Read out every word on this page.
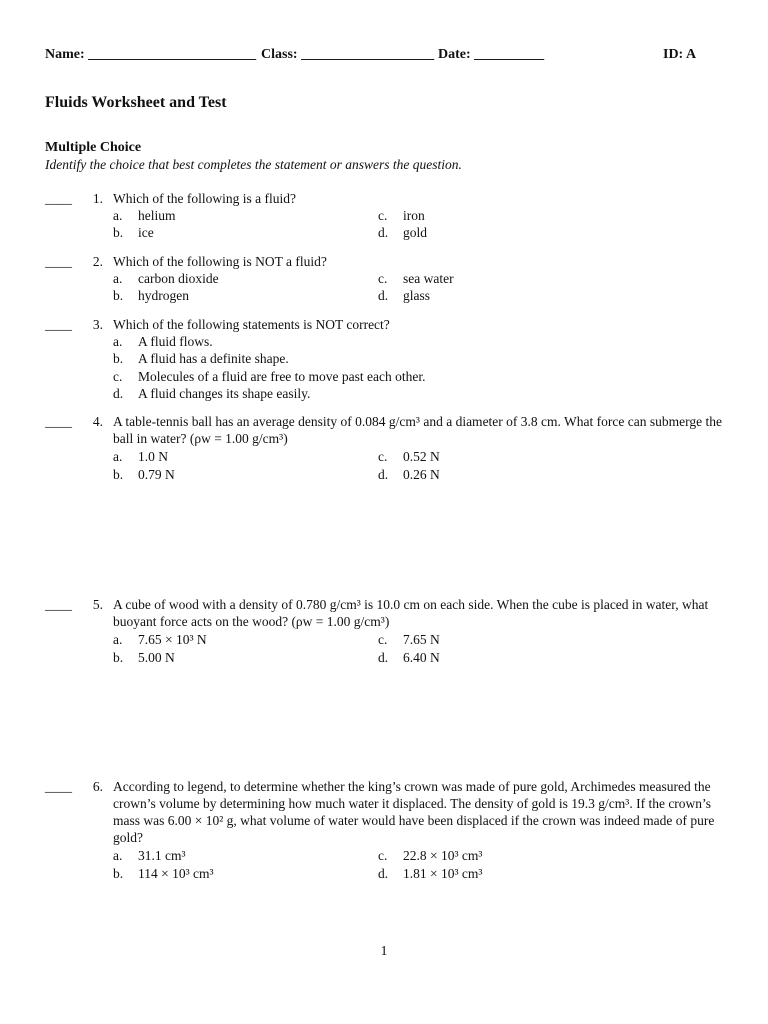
Name: ________________________ Class: ___________________ Date: __________	ID: A
Fluids Worksheet and Test
Multiple Choice
Identify the choice that best completes the statement or answers the question.
____	1. Which of the following is a fluid?
a. helium	c. iron
b. ice	d. gold
____	2. Which of the following is NOT a fluid?
a. carbon dioxide	c. sea water
b. hydrogen	d. glass
____	3. Which of the following statements is NOT correct?
a. A fluid flows.
b. A fluid has a definite shape.
c. Molecules of a fluid are free to move past each other.
d. A fluid changes its shape easily.
____	4. A table-tennis ball has an average density of 0.084 g/cm³ and a diameter of 3.8 cm. What force can submerge the ball in water? (ρw = 1.00 g/cm³)
a. 1.0 N	c. 0.52 N
b. 0.79 N	d. 0.26 N
____	5. A cube of wood with a density of 0.780 g/cm³ is 10.0 cm on each side. When the cube is placed in water, what buoyant force acts on the wood? (ρw = 1.00 g/cm³)
a. 7.65 × 10³ N	c. 7.65 N
b. 5.00 N	d. 6.40 N
____	6. According to legend, to determine whether the king’s crown was made of pure gold, Archimedes measured the crown’s volume by determining how much water it displaced. The density of gold is 19.3 g/cm³. If the crown’s mass was 6.00 × 10² g, what volume of water would have been displaced if the crown was indeed made of pure gold?
a. 31.1 cm³	c. 22.8 × 10³ cm³
b. 114 × 10³ cm³	d. 1.81 × 10³ cm³
1
